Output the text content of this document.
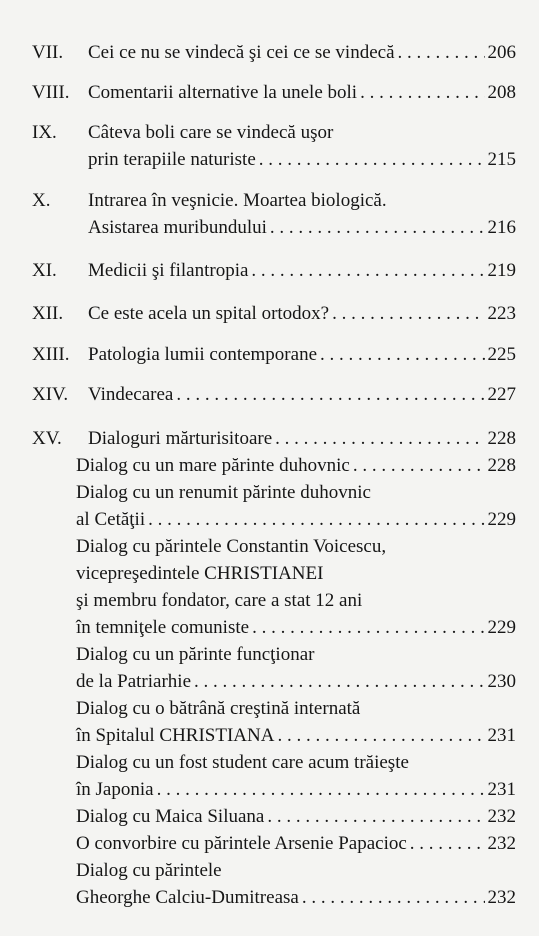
VII. Cei ce nu se vindecă şi cei ce se vindecă . . .	206
VIII. Comentarii alternative la unele boli . . .	208
IX. Câteva boli care se vindecă uşor
prin terapiile naturiste . . .	215
X. Intrarea în veşnicie. Moartea biologică.
Asistarea muribundului . . .	216
XI. Medicii şi filantropia . . .	219
XII. Ce este acela un spital ortodox? . . .	223
XIII. Patologia lumii contemporane . . .	225
XIV. Vindecarea . . .	227
XV. Dialoguri mărturisitoare . . .	228
Dialog cu un mare părinte duhovnic . . .	228
Dialog cu un renumit părinte duhovnic
al Cetăţii . . .	229
Dialog cu părintele Constantin Voicescu,
vicepreşedintele CHRISTIANEI
şi membru fondator, care a stat 12 ani
în temniţele comuniste . . .	229
Dialog cu un părinte funcţionar
de la Patriarhie . . .	230
Dialog cu o bătrână creştină internată
în Spitalul CHRISTIANA . . .	231
Dialog cu un fost student care acum trăieşte
în Japonia . . .	231
Dialog cu Maica Siluana . . .	232
O convorbire cu părintele Arsenie Papacioc . . .	232
Dialog cu părintele
Gheorghe Calciu-Dumitreasa . . .	232
